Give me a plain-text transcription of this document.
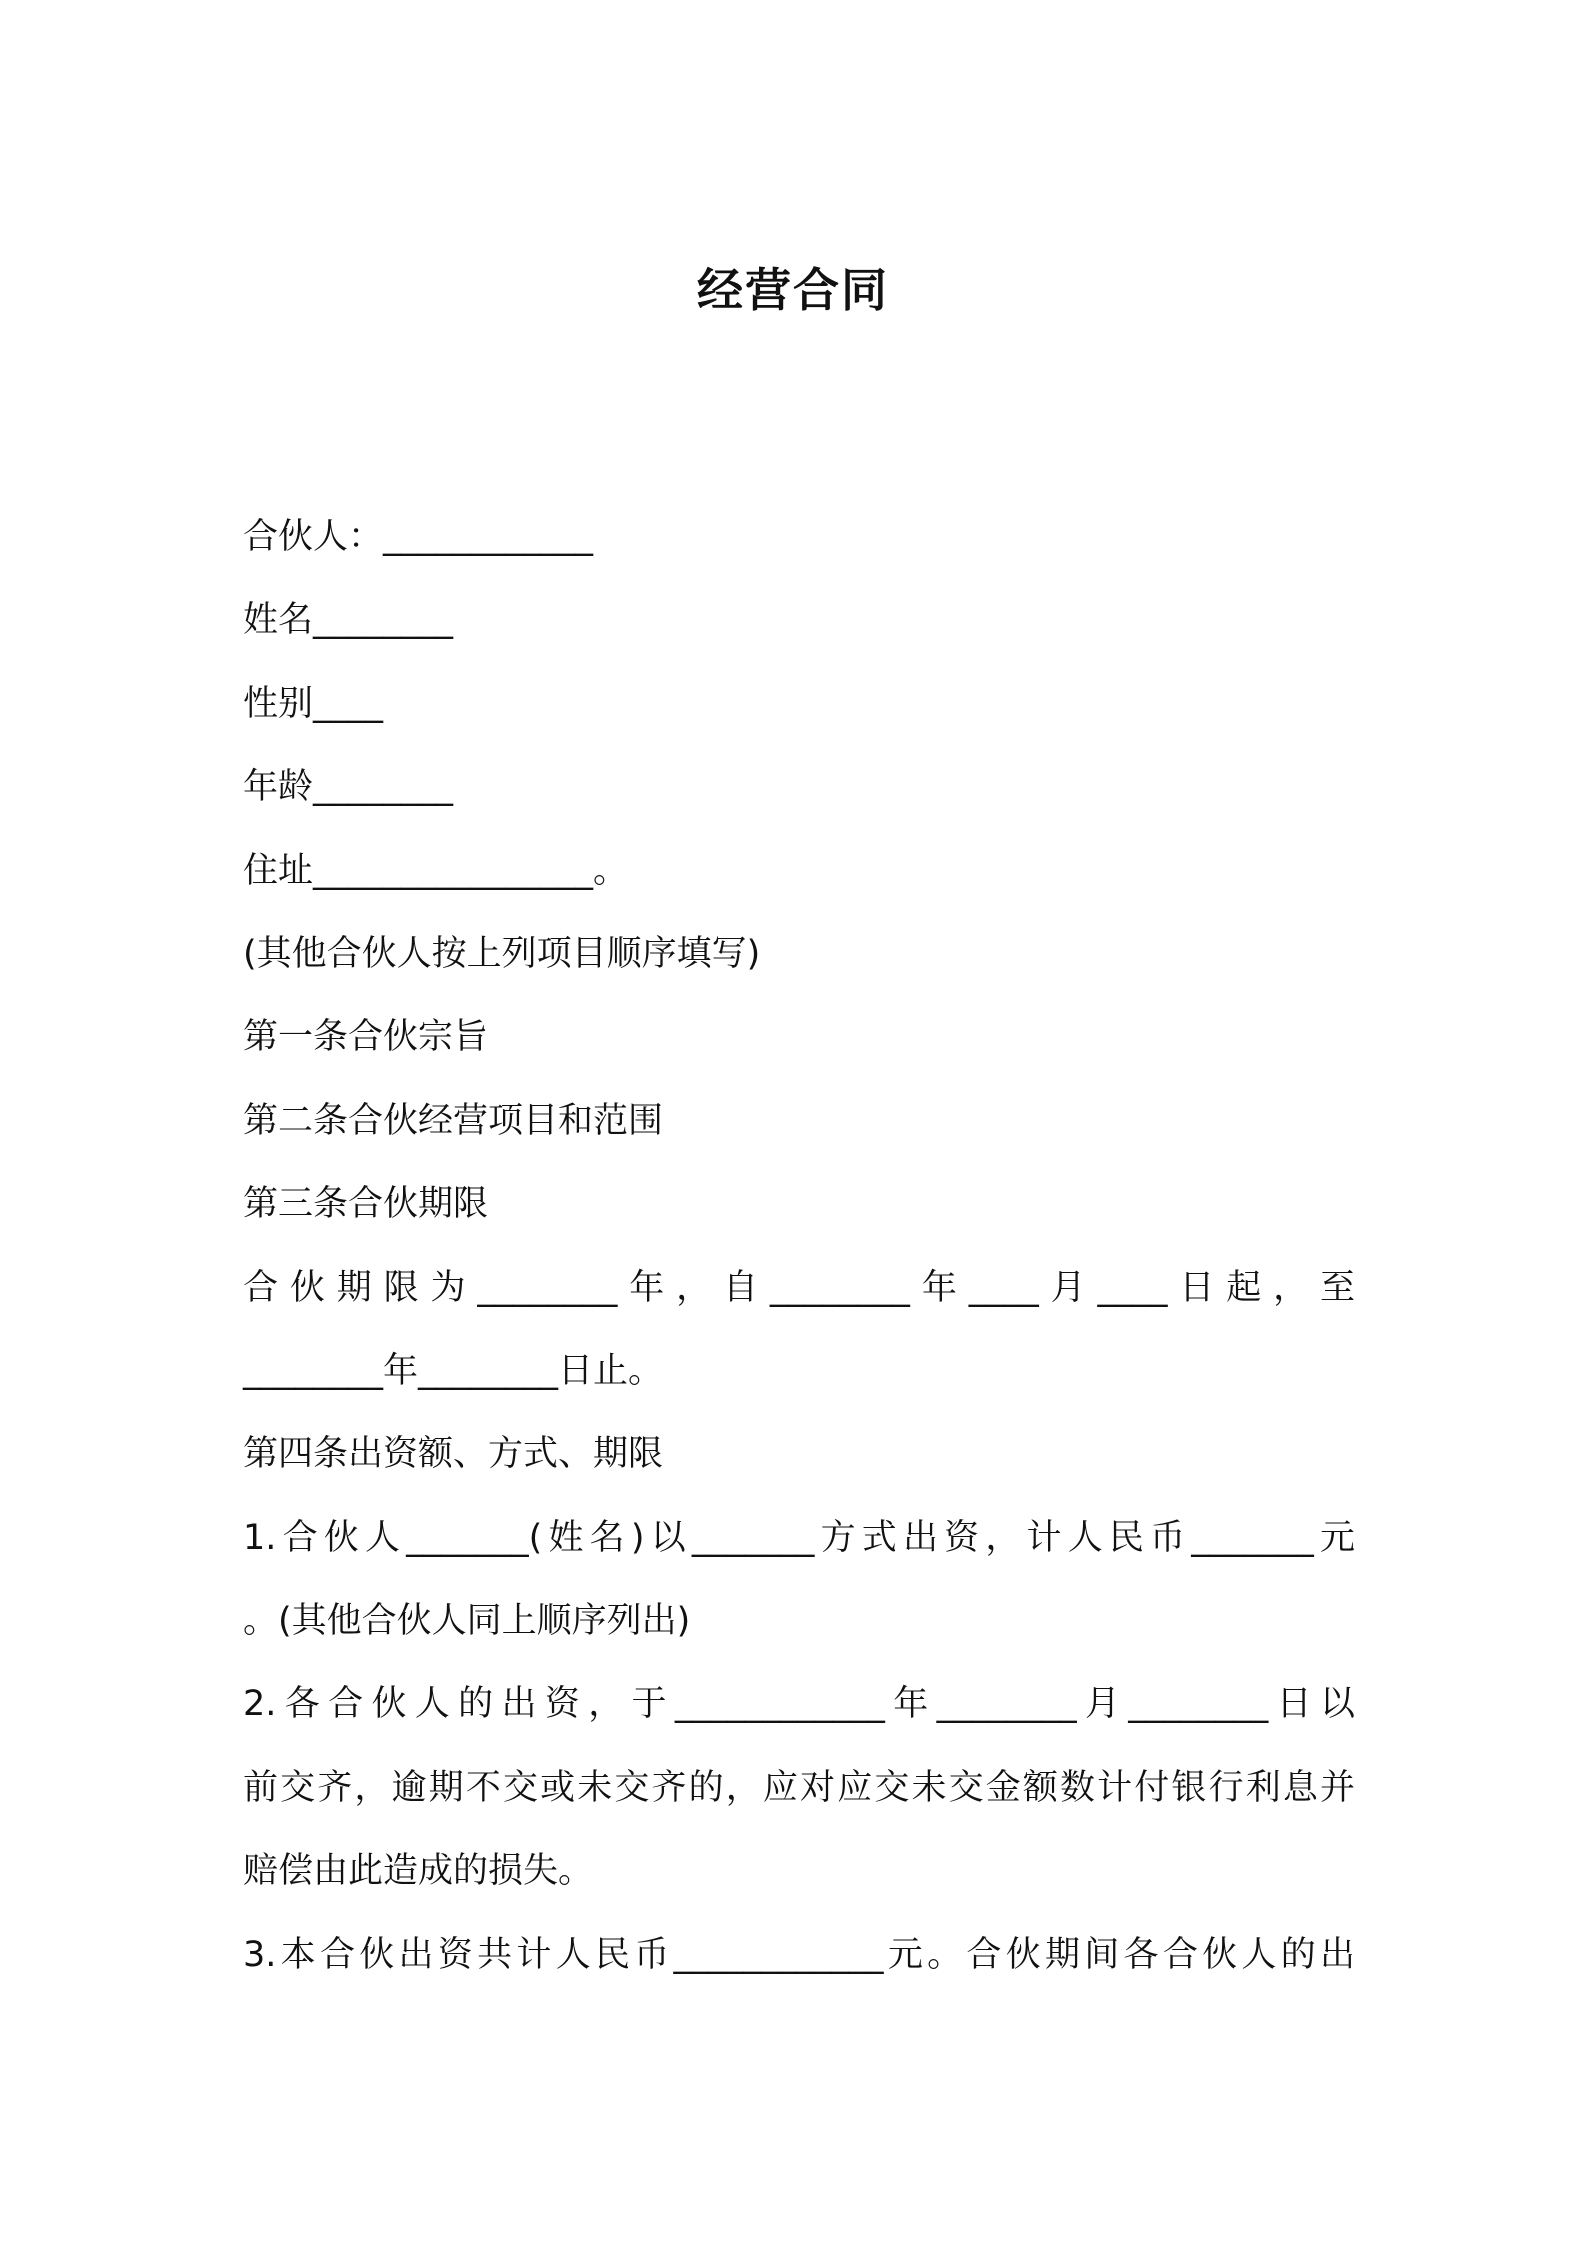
经营合同
合伙人：____________
姓名________
性别____
年龄________
住址________________。
(其他合伙人按上列项目顺序填写)
第一条合伙宗旨
第二条合伙经营项目和范围
第三条合伙期限
合伙期限为________年，自________年____月____日起，至
________年________日止。
第四条出资额、方式、期限
1.合伙人_______(姓名)以_______方式出资，计人民币_______元
。(其他合伙人同上顺序列出)
2.各合伙人的出资，于____________年________月________日以
前交齐，逾期不交或未交齐的，应对应交未交金额数计付银行利息并
赔偿由此造成的损失。
3.本合伙出资共计人民币____________元。合伙期间各合伙人的出
